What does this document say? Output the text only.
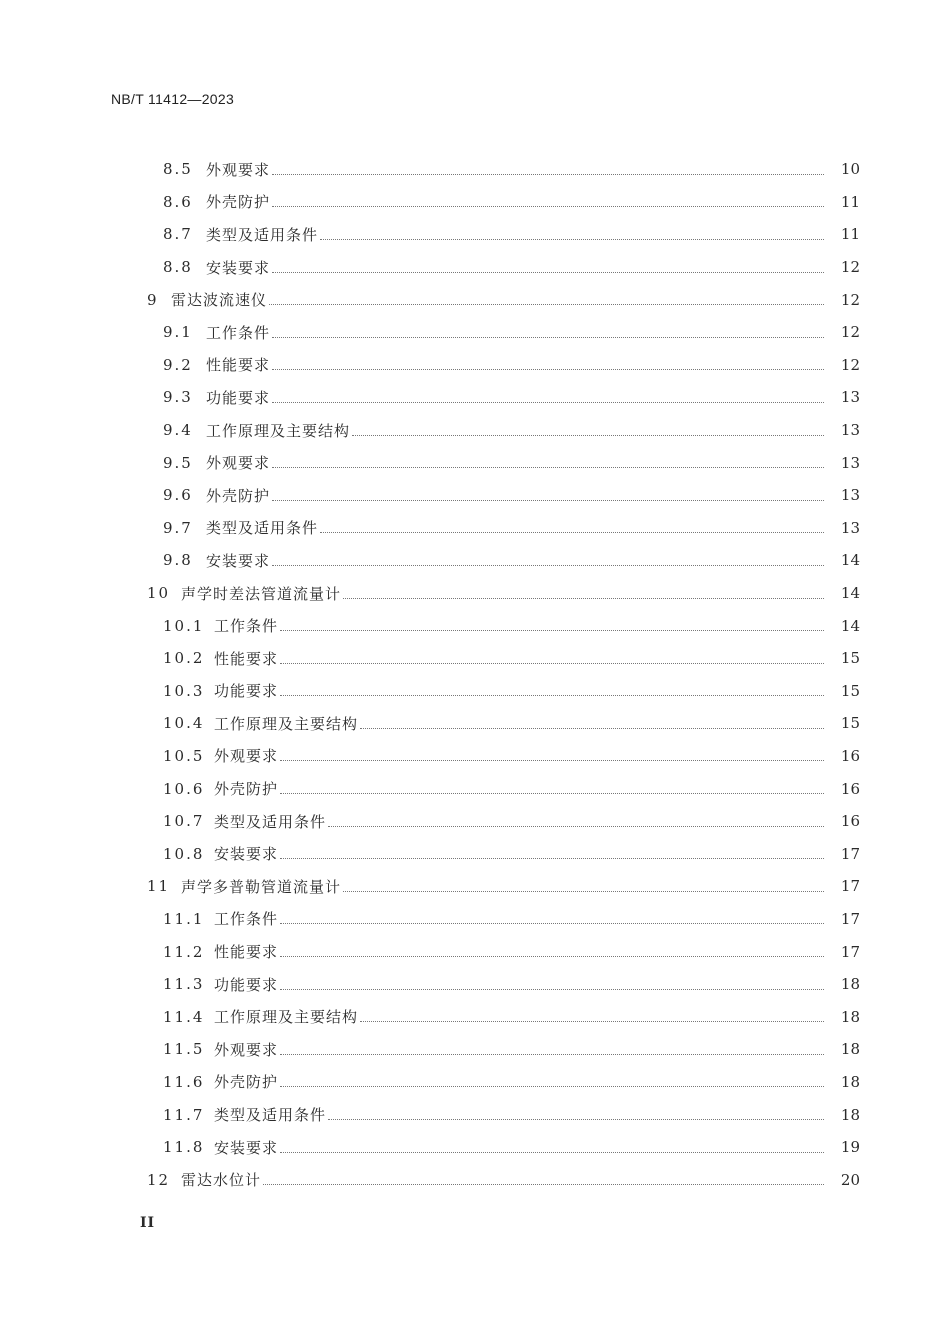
NB/T 11412—2023
8.5 外观要求	10
8.6 外壳防护	11
8.7 类型及适用条件	11
8.8 安装要求	12
9 雷达波流速仪	12
9.1 工作条件	12
9.2 性能要求	12
9.3 功能要求	13
9.4 工作原理及主要结构	13
9.5 外观要求	13
9.6 外壳防护	13
9.7 类型及适用条件	13
9.8 安装要求	14
10 声学时差法管道流量计	14
10.1 工作条件	14
10.2 性能要求	15
10.3 功能要求	15
10.4 工作原理及主要结构	15
10.5 外观要求	16
10.6 外壳防护	16
10.7 类型及适用条件	16
10.8 安装要求	17
11 声学多普勒管道流量计	17
11.1 工作条件	17
11.2 性能要求	17
11.3 功能要求	18
11.4 工作原理及主要结构	18
11.5 外观要求	18
11.6 外壳防护	18
11.7 类型及适用条件	18
11.8 安装要求	19
12 雷达水位计	20
II
